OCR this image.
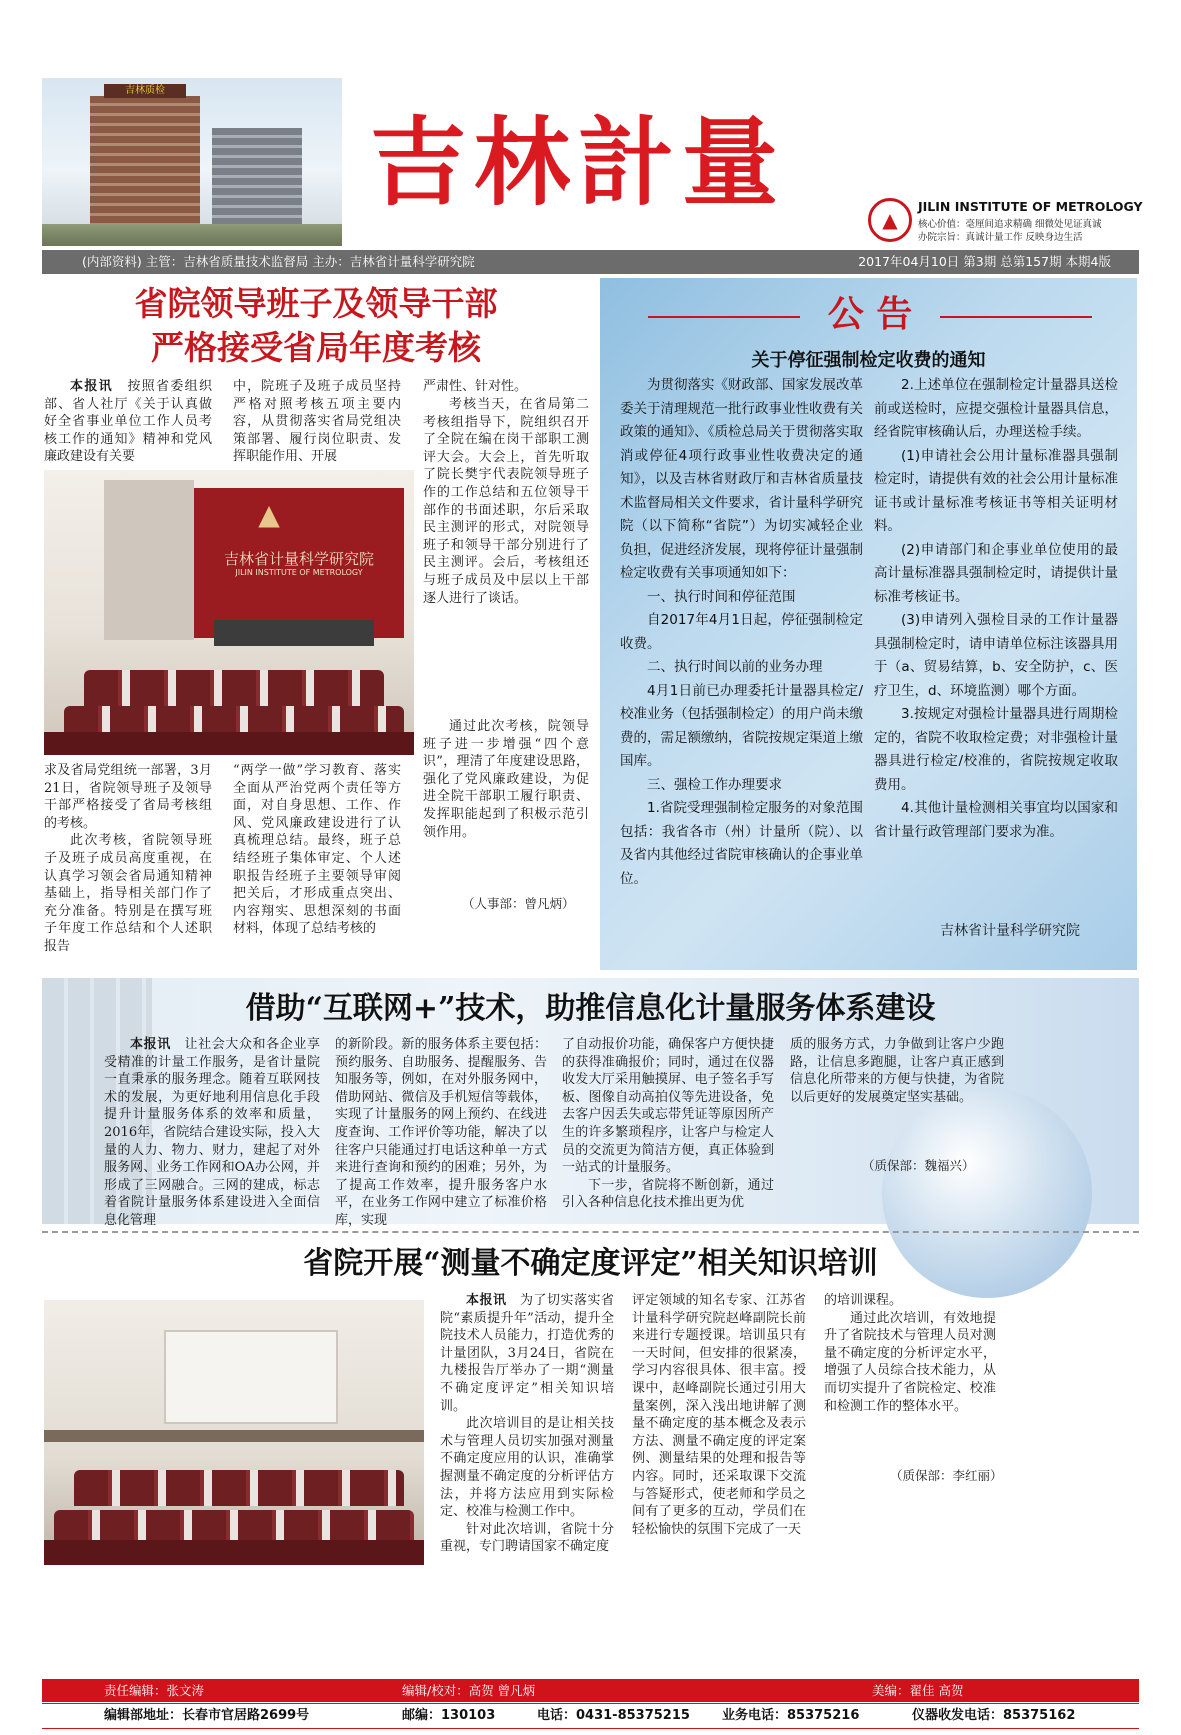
吉林质检
吉林計量
▲
JILIN INSTITUTE OF METROLOGY
核心价值：毫厘间追求精确 细微处见证真诚
办院宗旨：真诚计量工作 反映身边生活
(内部资料) 主管：吉林省质量技术监督局 主办：吉林省计量科学研究院	2017年04月10日 第3期 总第157期 本期4版
省院领导班子及领导干部
严格接受省局年度考核

本报讯　 按照省委组织部、省人社厅《关于认真做好全省事业单位工作人员考核工作的通知》精神和党风廉政建设有关要

中，院班子及班子成员坚持严格对照考核五项主要内容，从贯彻落实省局党组决策部署、履行岗位职责、发挥职能作用、开展

严肃性、针对性。

考核当天，在省局第二考核组指导下，院组织召开了全院在编在岗干部职工测评大会。大会上，首先听取了院长樊宇代表院领导班子作的工作总结和五位领导干部作的书面述职，尔后采取民主测评的形式，对院领导班子和领导干部分别进行了民主测评。会后，考核组还与班子成员及中层以上干部逐人进行了谈话。

▲
吉林省计量科学研究院
JILIN INSTITUTE OF METROLOGY

求及省局党组统一部署，3月21日，省院领导班子及领导干部严格接受了省局考核组的考核。

此次考核，省院领导班子及班子成员高度重视，在认真学习领会省局通知精神基础上，指导相关部门作了充分准备。特别是在撰写班子年度工作总结和个人述职报告

“两学一做”学习教育、落实全面从严治党两个责任等方面，对自身思想、工作、作风、党风廉政建设进行了认真梳理总结。最终，班子总结经班子集体审定、个人述职报告经班子主要领导审阅把关后，才形成重点突出、内容翔实、思想深刻的书面材料，体现了总结考核的

通过此次考核，院领导班子进一步增强“四个意识”，理清了年度建设思路，强化了党风廉政建设，为促进全院干部职工履行职责、发挥职能起到了积极示范引领作用。

（人事部：曾凡炳）
公 告
关于停征强制检定收费的通知

为贯彻落实《财政部、国家发展改革委关于清理规范一批行政事业性收费有关政策的通知》、《质检总局关于贯彻落实取消或停征4项行政事业性收费决定的通知》，以及吉林省财政厅和吉林省质量技术监督局相关文件要求，省计量科学研究院（以下简称“省院”）为切实减轻企业负担，促进经济发展，现将停征计量强制检定收费有关事项通知如下：

一、执行时间和停征范围

自2017年4月1日起，停征强制检定收费。

二、执行时间以前的业务办理

4月1日前已办理委托计量器具检定/校准业务（包括强制检定）的用户尚未缴费的，需足额缴纳，省院按规定渠道上缴国库。

三、强检工作办理要求

1.省院受理强制检定服务的对象范围包括：我省各市（州）计量所（院）、以及省内其他经过省院审核确认的企事业单位。

2.上述单位在强制检定计量器具送检前或送检时，应提交强检计量器具信息，经省院审核确认后，办理送检手续。

(1)申请社会公用计量标准器具强制检定时，请提供有效的社会公用计量标准证书或计量标准考核证书等相关证明材料。

(2)申请部门和企事业单位使用的最高计量标准器具强制检定时，请提供计量标准考核证书。

(3)申请列入强检目录的工作计量器具强制检定时，请申请单位标注该器具用于（a、贸易结算，b、安全防护，c、医疗卫生，d、环境监测）哪个方面。

3.按规定对强检计量器具进行周期检定的，省院不收取检定费；对非强检计量器具进行检定/校准的，省院按规定收取费用。

4.其他计量检测相关事宜均以国家和省计量行政管理部门要求为准。

吉林省计量科学研究院
借助“互联网+”技术，助推信息化计量服务体系建设

本报讯　 让社会大众和各企业享受精准的计量工作服务，是省计量院一直秉承的服务理念。随着互联网技术的发展，为更好地利用信息化手段提升计量服务体系的效率和质量，2016年，省院结合建设实际，投入大量的人力、物力、财力，建起了对外服务网、业务工作网和OA办公网，并形成了三网融合。三网的建成，标志着省院计量服务体系建设进入全面信息化管理

的新阶段。新的服务体系主要包括：预约服务、自助服务、提醒服务、告知服务等，例如，在对外服务网中，借助网站、微信及手机短信等载体，实现了计量服务的网上预约、在线进度查询、工作评价等功能，解决了以往客户只能通过打电话这种单一方式来进行查询和预约的困难；另外，为了提高工作效率，提升服务客户水平，在业务工作网中建立了标准价格库，实现

了自动报价功能，确保客户方便快捷的获得准确报价；同时，通过在仪器收发大厅采用触摸屏、电子签名手写板、图像自动高拍仪等先进设备，免去客户因丢失或忘带凭证等原因所产生的许多繁琐程序，让客户与检定人员的交流更为简洁方便，真正体验到一站式的计量服务。

下一步，省院将不断创新，通过引入各种信息化技术推出更为优

质的服务方式，力争做到让客户少跑路，让信息多跑腿，让客户真正感到信息化所带来的方便与快捷，为省院以后更好的发展奠定坚实基础。

（质保部：魏福兴）
省院开展“测量不确定度评定”相关知识培训

本报讯　 为了切实落实省院“素质提升年”活动，提升全院技术人员能力，打造优秀的计量团队，3月24日，省院在九楼报告厅举办了一期“测量不确定度评定”相关知识培训。

此次培训目的是让相关技术与管理人员切实加强对测量不确定度应用的认识，准确掌握测量不确定度的分析评估方法，并将方法应用到实际检定、校准与检测工作中。

针对此次培训，省院十分重视，专门聘请国家不确定度

评定领域的知名专家、江苏省计量科学研究院赵峰副院长前来进行专题授课。培训虽只有一天时间，但安排的很紧凑，学习内容很具体、很丰富。授课中，赵峰副院长通过引用大量案例，深入浅出地讲解了测量不确定度的基本概念及表示方法、测量不确定度的评定案例、测量结果的处理和报告等内容。同时，还采取课下交流与答疑形式，使老师和学员之间有了更多的互动，学员们在轻松愉快的氛围下完成了一天

的培训课程。

通过此次培训，有效地提升了省院技术与管理人员对测量不确定度的分析评定水平，增强了人员综合技术能力，从而切实提升了省院检定、校准和检测工作的整体水平。

（质保部：李红丽）
责任编辑：张文涛	编辑/校对：高贺 曾凡炳	美编：翟佳 高贺
编辑部地址：长春市官居路2699号	邮编：130103	电话：0431-85375215 业务电话：85375216	仪器收发电话：85375162
